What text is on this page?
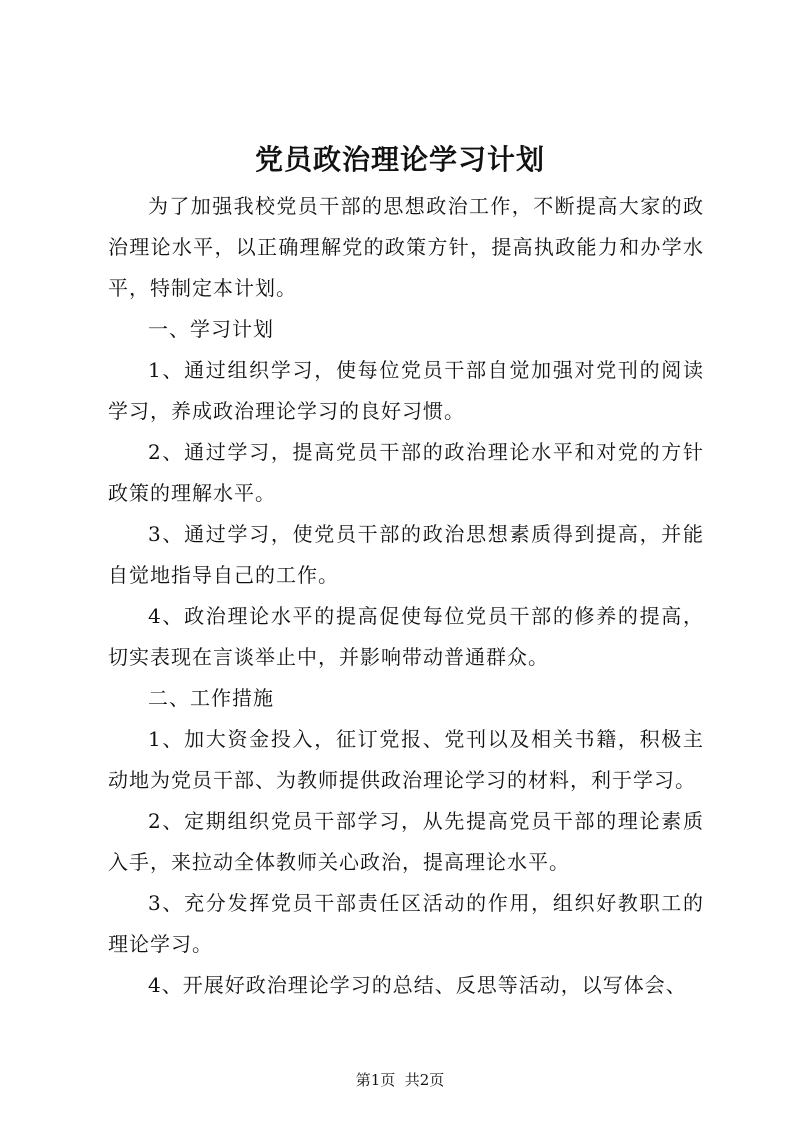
党员政治理论学习计划

为了加强我校党员干部的思想政治工作，不断提高大家的政治理论水平，以正确理解党的政策方针，提高执政能力和办学水平，特制定本计划。

一、学习计划

1、通过组织学习，使每位党员干部自觉加强对党刊的阅读学习，养成政治理论学习的良好习惯。

2、通过学习，提高党员干部的政治理论水平和对党的方针政策的理解水平。

3、通过学习，使党员干部的政治思想素质得到提高，并能自觉地指导自己的工作。

4、政治理论水平的提高促使每位党员干部的修养的提高，切实表现在言谈举止中，并影响带动普通群众。

二、工作措施

1、加大资金投入，征订党报、党刊以及相关书籍，积极主动地为党员干部、为教师提供政治理论学习的材料，利于学习。

2、定期组织党员干部学习，从先提高党员干部的理论素质入手，来拉动全体教师关心政治，提高理论水平。

3、充分发挥党员干部责任区活动的作用，组织好教职工的理论学习。

4、开展好政治理论学习的总结、反思等活动，以写体会、

第1页  共2页
